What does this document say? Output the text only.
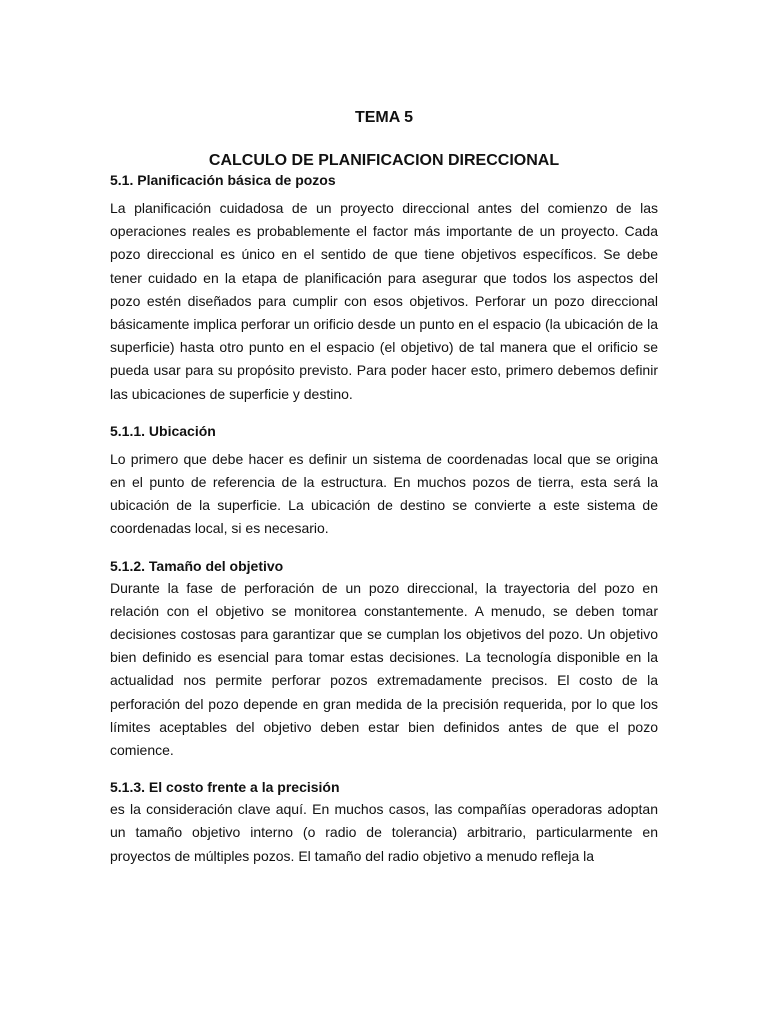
TEMA 5
CALCULO DE PLANIFICACION DIRECCIONAL
5.1. Planificación básica de pozos

La planificación cuidadosa de un proyecto direccional antes del comienzo de las operaciones reales es probablemente el factor más importante de un proyecto. Cada pozo direccional es único en el sentido de que tiene objetivos específicos. Se debe tener cuidado en la etapa de planificación para asegurar que todos los aspectos del pozo estén diseñados para cumplir con esos objetivos. Perforar un pozo direccional básicamente implica perforar un orificio desde un punto en el espacio (la ubicación de la superficie) hasta otro punto en el espacio (el objetivo) de tal manera que el orificio se pueda usar para su propósito previsto. Para poder hacer esto, primero debemos definir las ubicaciones de superficie y destino.

5.1.1. Ubicación

Lo primero que debe hacer es definir un sistema de coordenadas local que se origina en el punto de referencia de la estructura. En muchos pozos de tierra, esta será la ubicación de la superficie. La ubicación de destino se convierte a este sistema de coordenadas local, si es necesario.

5.1.2. Tamaño del objetivo

Durante la fase de perforación de un pozo direccional, la trayectoria del pozo en relación con el objetivo se monitorea constantemente. A menudo, se deben tomar decisiones costosas para garantizar que se cumplan los objetivos del pozo. Un objetivo bien definido es esencial para tomar estas decisiones. La tecnología disponible en la actualidad nos permite perforar pozos extremadamente precisos. El costo de la perforación del pozo depende en gran medida de la precisión requerida, por lo que los límites aceptables del objetivo deben estar bien definidos antes de que el pozo comience.

5.1.3. El costo frente a la precisión

es la consideración clave aquí. En muchos casos, las compañías operadoras adoptan un tamaño objetivo interno (o radio de tolerancia) arbitrario, particularmente en proyectos de múltiples pozos. El tamaño del radio objetivo a menudo refleja la
